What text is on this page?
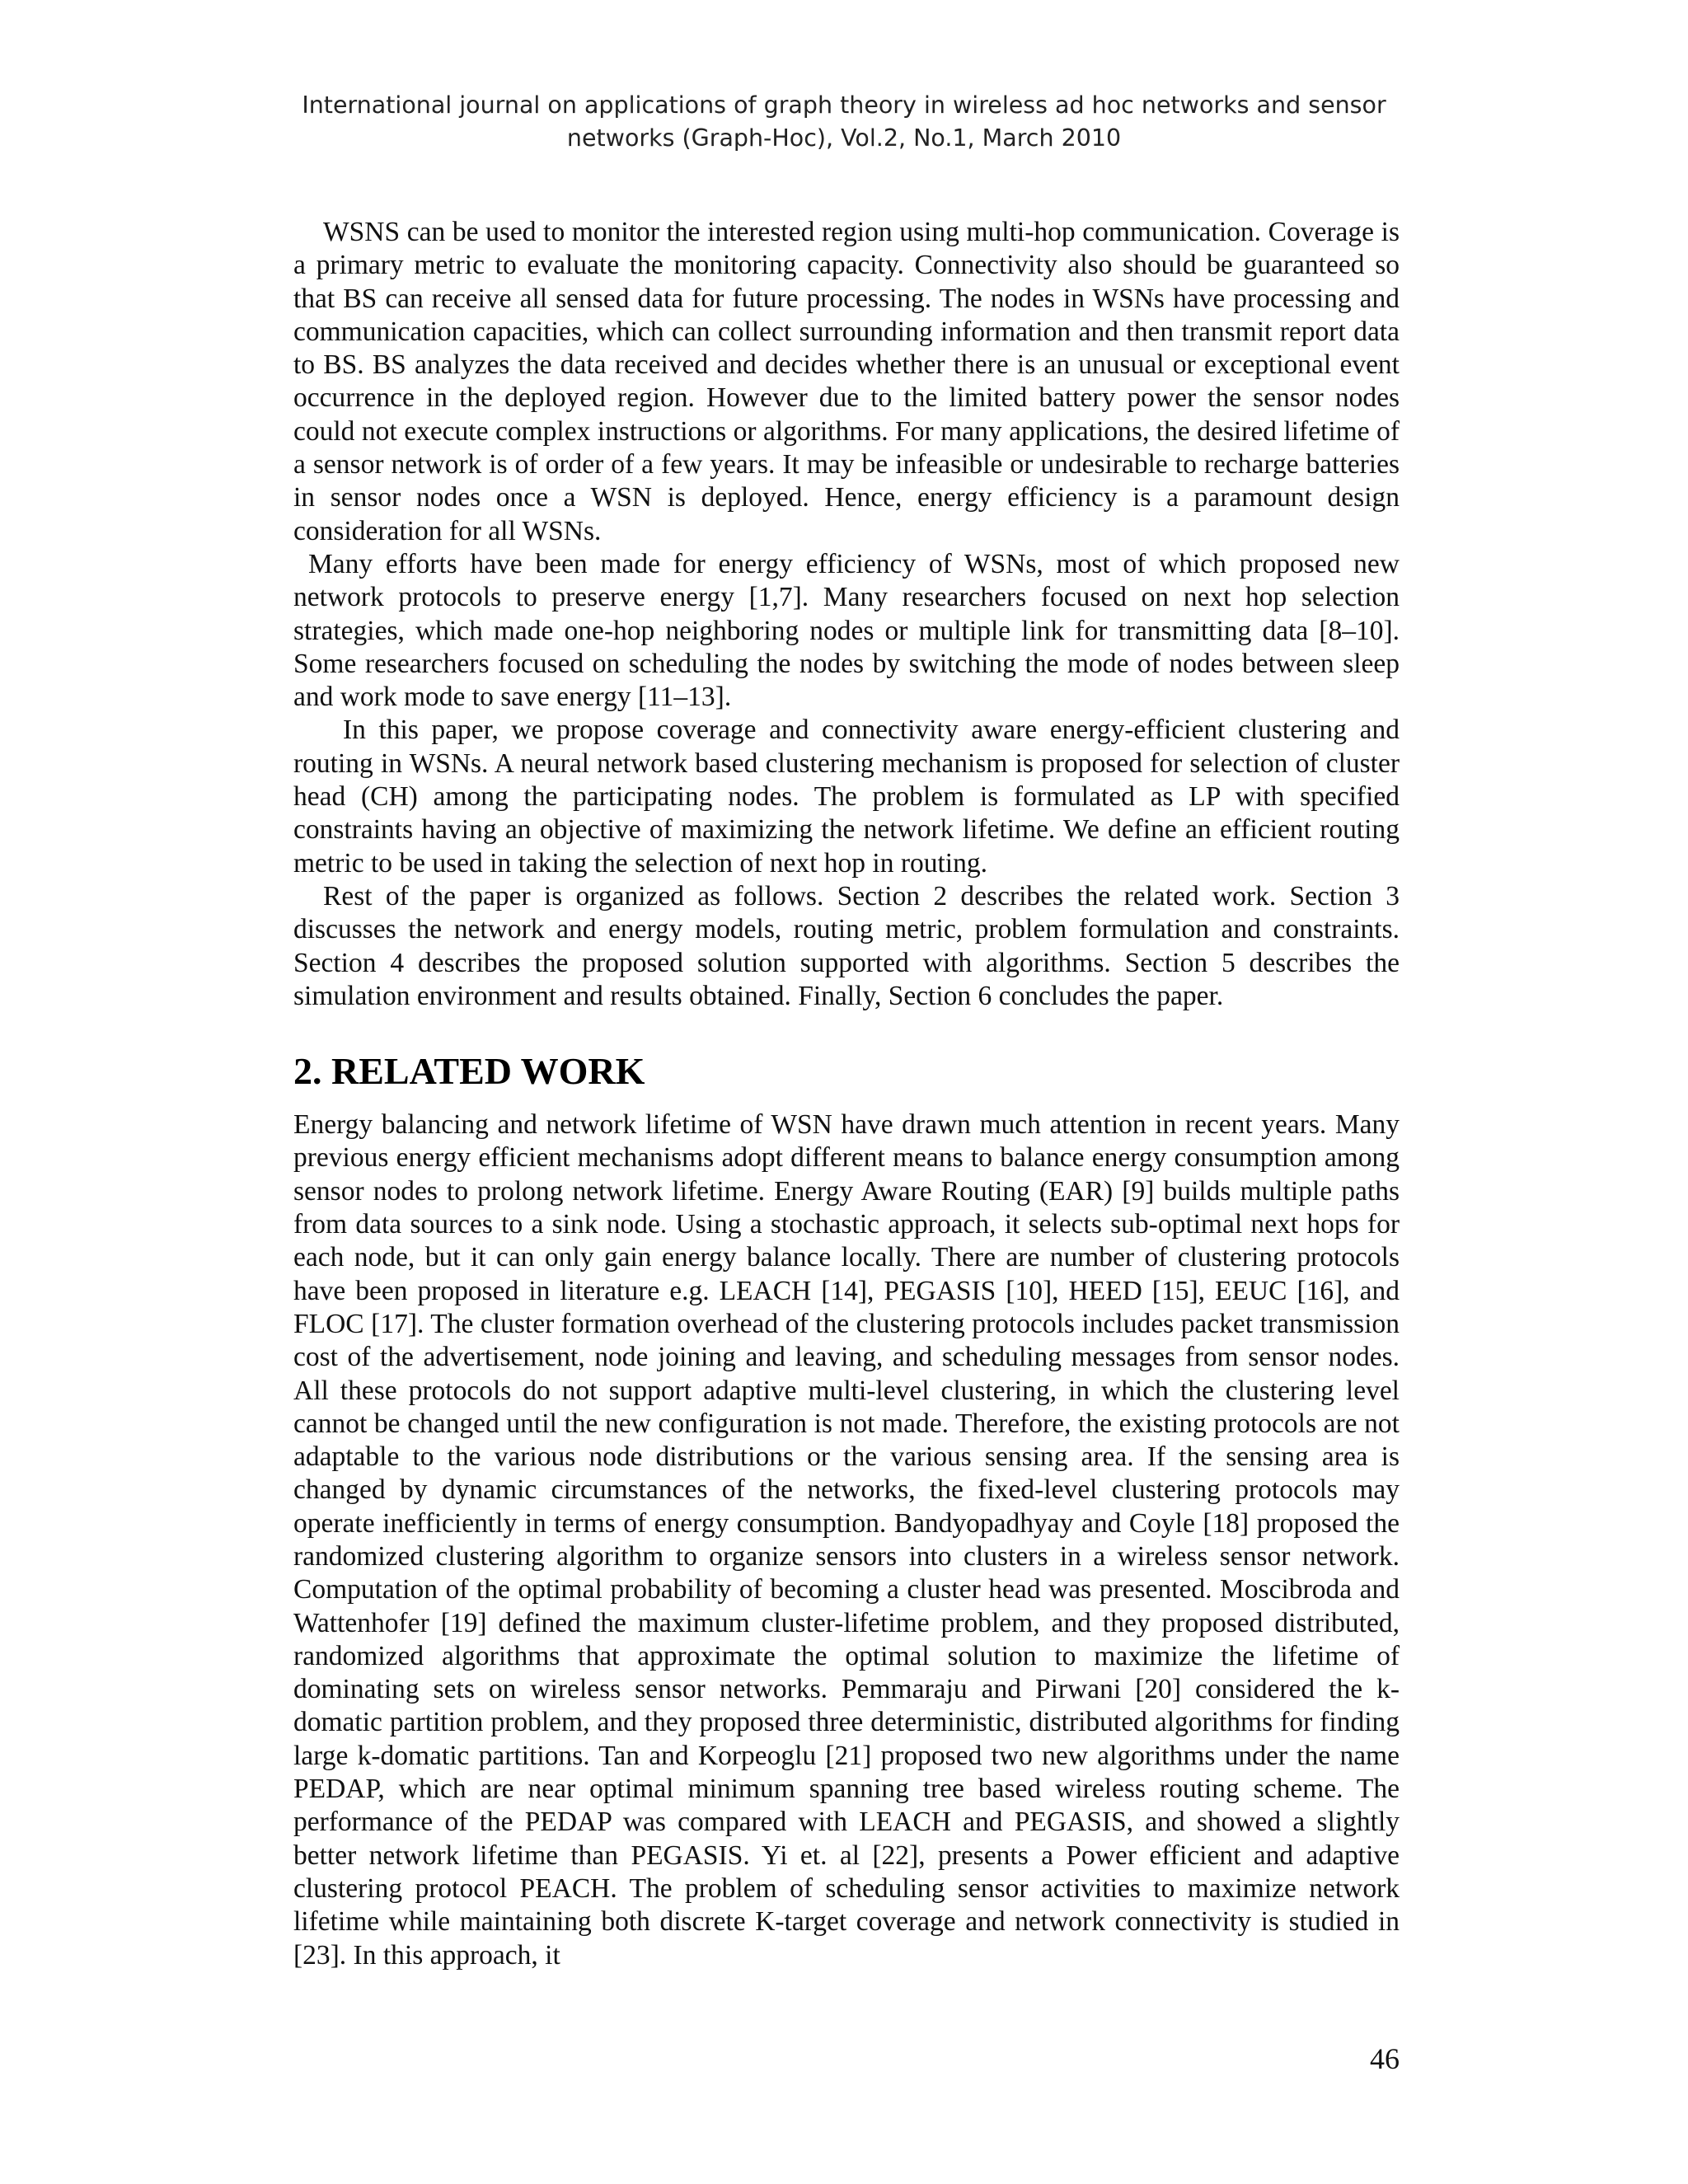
International journal on applications of graph theory in wireless ad hoc networks and sensor
networks (Graph-Hoc), Vol.2, No.1, March 2010

WSNS can be used to monitor the interested region using multi-hop communication. Coverage is a primary metric to evaluate the monitoring capacity. Connectivity also should be guaranteed so that BS can receive all sensed data for future processing. The nodes in WSNs have processing and communication capacities, which can collect surrounding information and then transmit report data to BS. BS analyzes the data received and decides whether there is an unusual or exceptional event occurrence in the deployed region. However due to the limited battery power the sensor nodes could not execute complex instructions or algorithms. For many applications, the desired lifetime of a sensor network is of order of a few years. It may be infeasible or undesirable to recharge batteries in sensor nodes once a WSN is deployed. Hence, energy efficiency is a paramount design consideration for all WSNs.

Many efforts have been made for energy efficiency of WSNs, most of which proposed new network protocols to preserve energy [1,7]. Many researchers focused on next hop selection strategies, which made one-hop neighboring nodes or multiple link for transmitting data [8–10]. Some researchers focused on scheduling the nodes by switching the mode of nodes between sleep and work mode to save energy [11–13].

In this paper, we propose coverage and connectivity aware energy-efficient clustering and routing in WSNs. A neural network based clustering mechanism is proposed for selection of cluster head (CH) among the participating nodes. The problem is formulated as LP with specified constraints having an objective of maximizing the network lifetime. We define an efficient routing metric to be used in taking the selection of next hop in routing.

Rest of the paper is organized as follows. Section 2 describes the related work. Section 3 discusses the network and energy models, routing metric, problem formulation and constraints. Section 4 describes the proposed solution supported with algorithms. Section 5 describes the simulation environment and results obtained. Finally, Section 6 concludes the paper.

2. RELATED WORK

Energy balancing and network lifetime of WSN have drawn much attention in recent years. Many previous energy efficient mechanisms adopt different means to balance energy consumption among sensor nodes to prolong network lifetime. Energy Aware Routing (EAR) [9] builds multiple paths from data sources to a sink node. Using a stochastic approach, it selects sub-optimal next hops for each node, but it can only gain energy balance locally. There are number of clustering protocols have been proposed in literature e.g. LEACH [14], PEGASIS [10], HEED [15], EEUC [16], and FLOC [17]. The cluster formation overhead of the clustering protocols includes packet transmission cost of the advertisement, node joining and leaving, and scheduling messages from sensor nodes. All these protocols do not support adaptive multi-level clustering, in which the clustering level cannot be changed until the new configuration is not made. Therefore, the existing protocols are not adaptable to the various node distributions or the various sensing area. If the sensing area is changed by dynamic circumstances of the networks, the fixed-level clustering protocols may operate inefficiently in terms of energy consumption. Bandyopadhyay and Coyle [18] proposed the randomized clustering algorithm to organize sensors into clusters in a wireless sensor network. Computation of the optimal probability of becoming a cluster head was presented. Moscibroda and Wattenhofer [19] defined the maximum cluster-lifetime problem, and they proposed distributed, randomized algorithms that approximate the optimal solution to maximize the lifetime of dominating sets on wireless sensor networks. Pemmaraju and Pirwani [20] considered the k-domatic partition problem, and they proposed three deterministic, distributed algorithms for finding large k-domatic partitions. Tan and Korpeoglu [21] proposed two new algorithms under the name PEDAP, which are near optimal minimum spanning tree based wireless routing scheme. The performance of the PEDAP was compared with LEACH and PEGASIS, and showed a slightly better network lifetime than PEGASIS. Yi et. al [22], presents a Power efficient and adaptive clustering protocol PEACH. The problem of scheduling sensor activities to maximize network lifetime while maintaining both discrete K-target coverage and network connectivity is studied in [23]. In this approach, it

46
